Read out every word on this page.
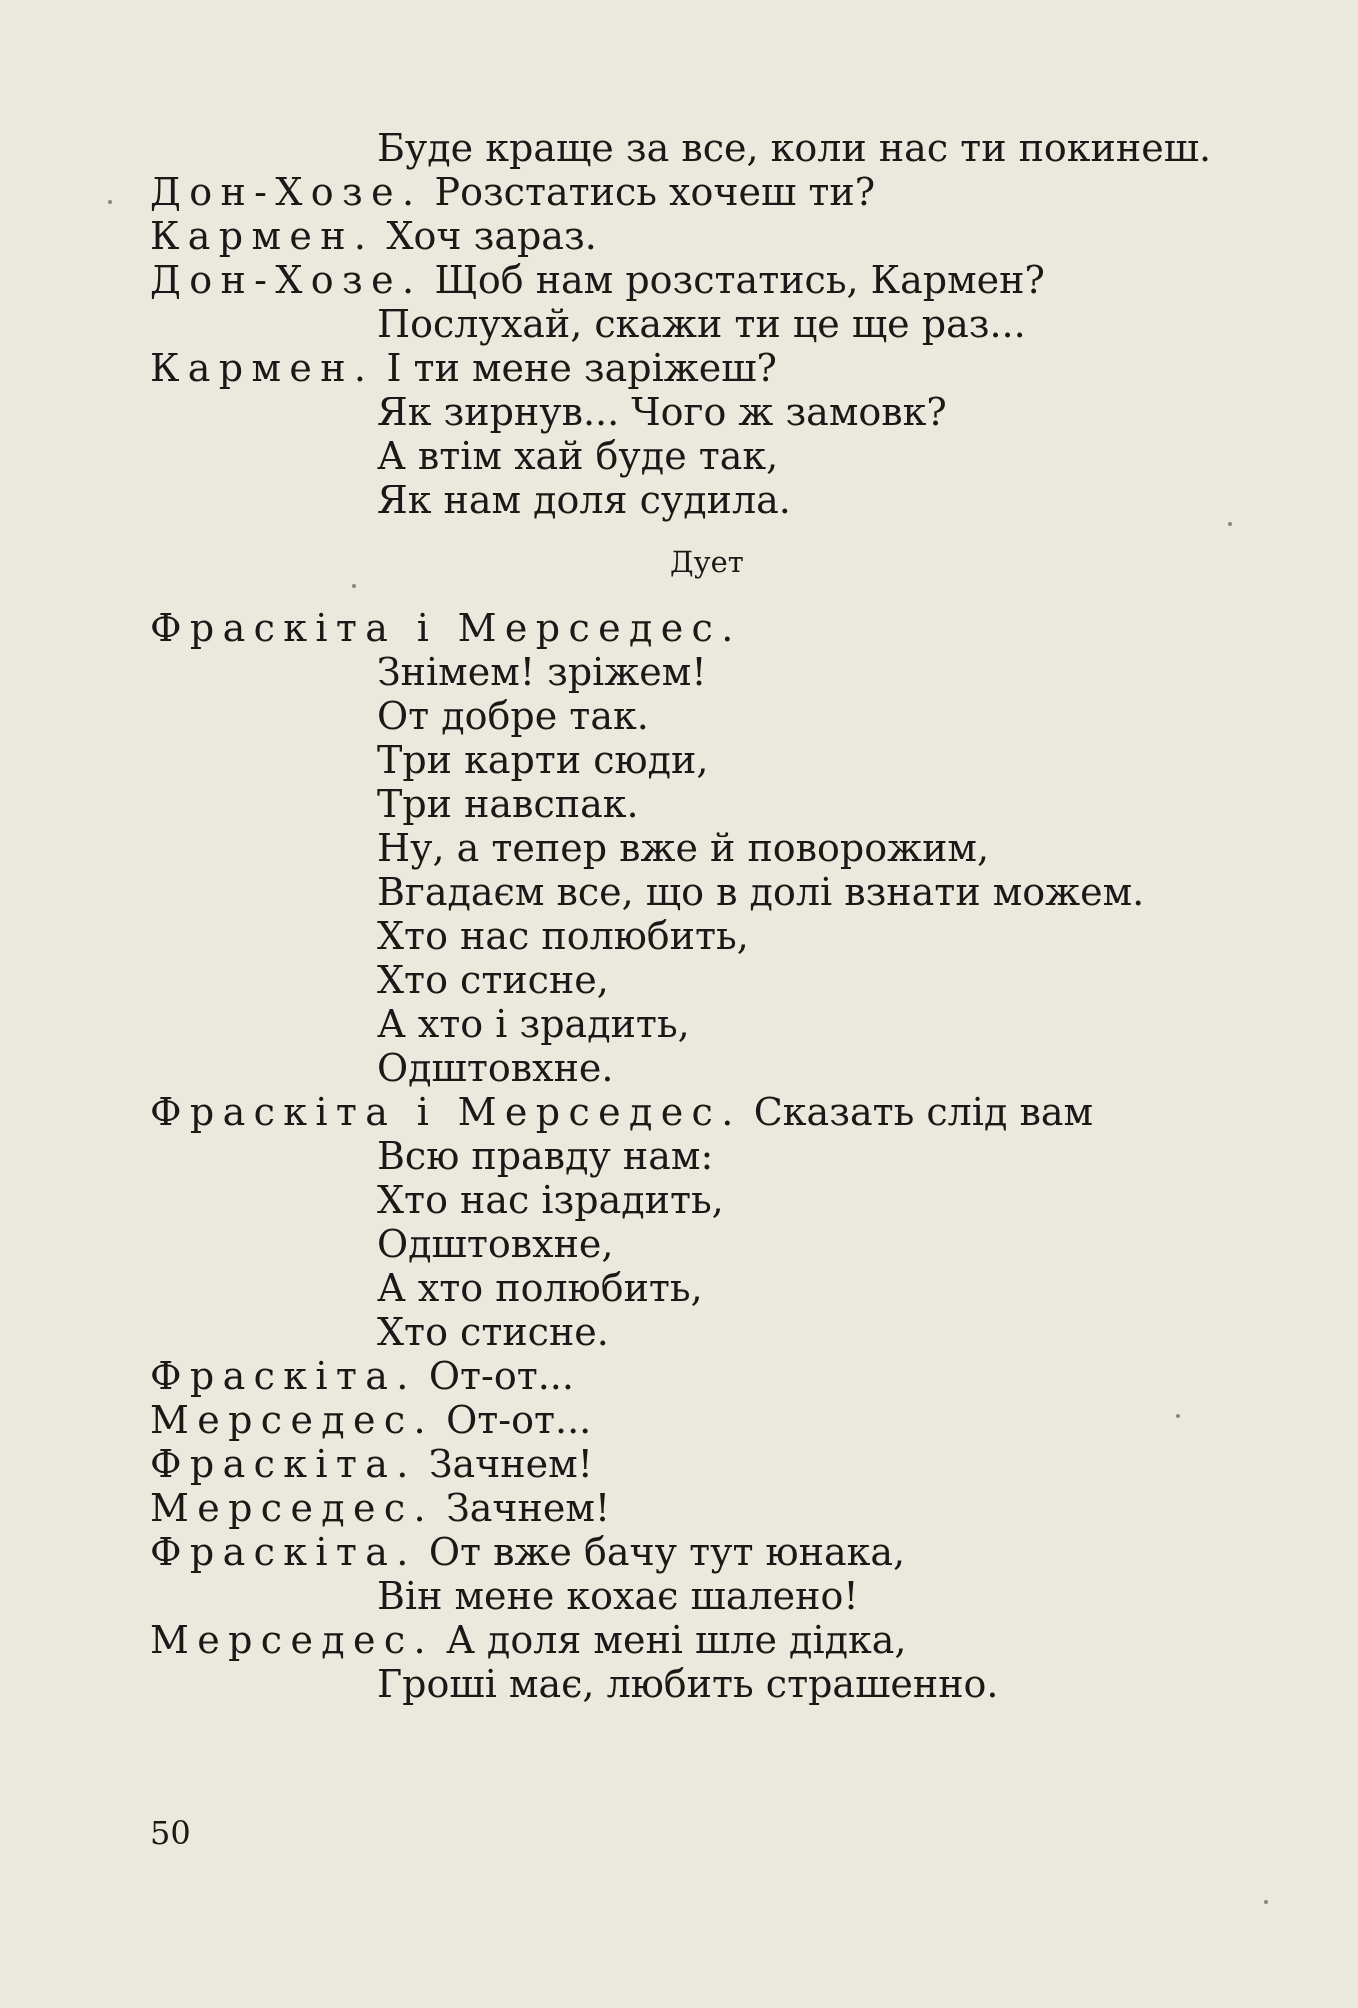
Буде краще за все, коли нас ти покинеш.
Дон-Хозе. Розстатись хочеш ти?
Кармен. Хоч зараз.
Дон-Хозе. Щоб нам розстатись, Кармен?
Послухай, скажи ти це ще раз...
Кармен. І ти мене заріжеш?
Як зирнув... Чого ж замовк?
А втім хай буде так,
Як нам доля судила.
Дует
Фраскіта і Мерседес.
Знімем! зріжем!
От добре так.
Три карти сюди,
Три навспак.
Ну, а тепер вже й поворожим,
Вгадаєм все, що в долі взнати можем.
Хто нас полюбить,
Хто стисне,
А хто і зрадить,
Одштовхне.
Фраскіта і Мерседес. Сказать слід вам
Всю правду нам:
Хто нас ізрадить,
Одштовхне,
А хто полюбить,
Хто стисне.
Фраскіта. От-от...
Мерседес. От-от...
Фраскіта. Зачнем!
Мерседес. Зачнем!
Фраскіта. От вже бачу тут юнака,
Він мене кохає шалено!
Мерседес. А доля мені шле дідка,
Гроші має, любить страшенно.
50
